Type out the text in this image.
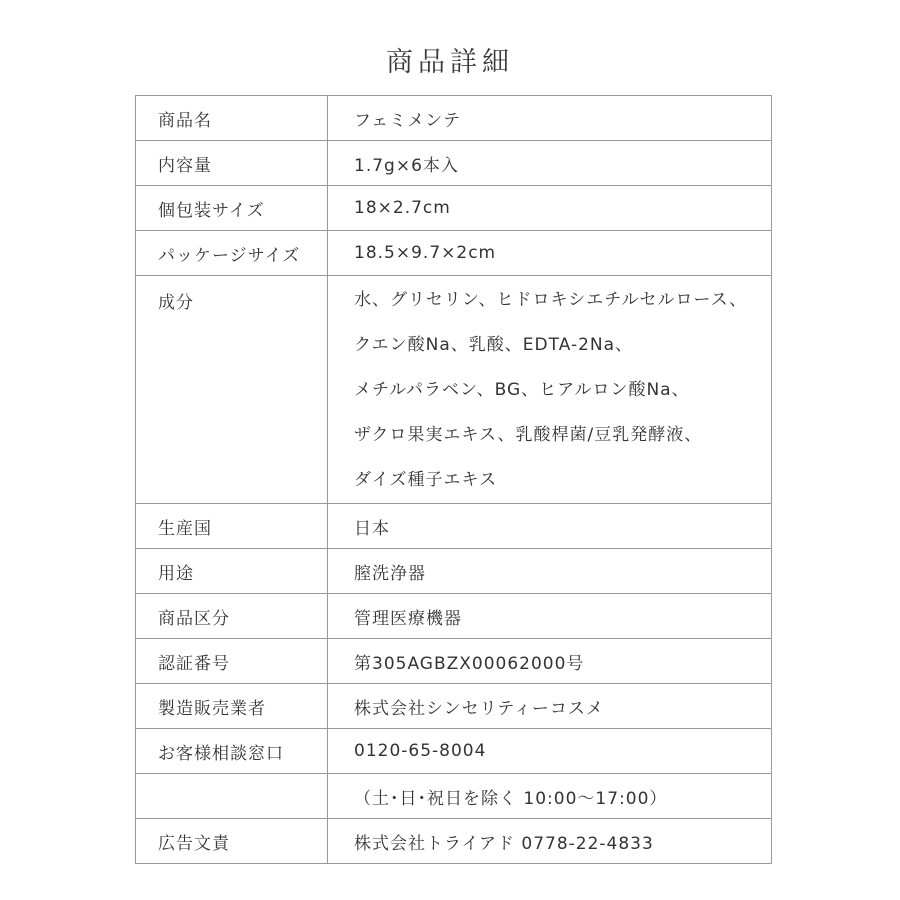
商品詳細
商品名	フェミメンテ
内容量	1.7g×6本入
個包装サイズ	18×2.7cm
パッケージサイズ	18.5×9.7×2cm
成分	水、グリセリン、ヒドロキシエチルセルロース、
クエン酸Na、乳酸、EDTA-2Na、
メチルパラベン、BG、ヒアルロン酸Na、
ザクロ果実エキス、乳酸桿菌/豆乳発酵液、
ダイズ種子エキス

生産国	日本
用途	膣洗浄器
商品区分	管理医療機器
認証番号	第305AGBZX00062000号
製造販売業者	株式会社シンセリティーコスメ
お客様相談窓口	0120-65-8004
	（土･日･祝日を除く 10:00〜17:00）
広告文責	株式会社トライアド 0778-22-4833
